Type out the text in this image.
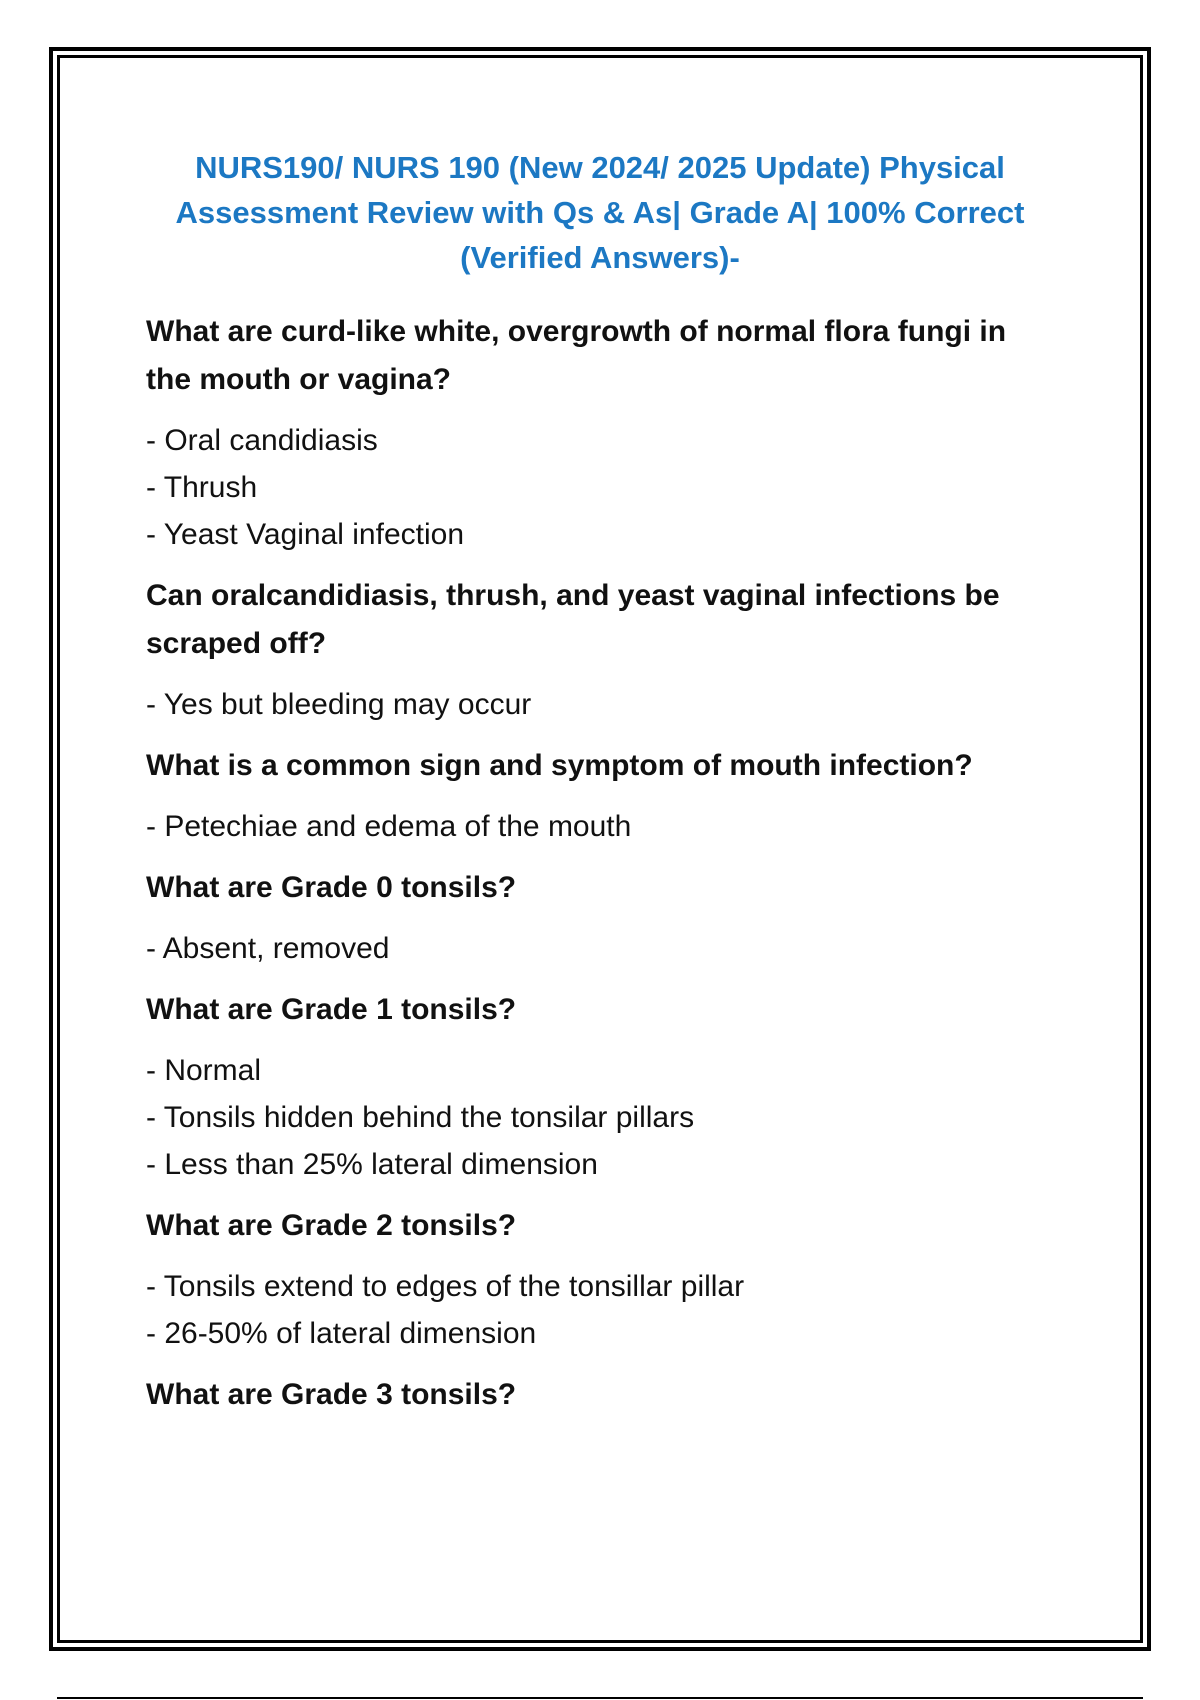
NURS190/ NURS 190 (New 2024/ 2025 Update) Physical Assessment Review with Qs & As| Grade A| 100% Correct (Verified Answers)-

What are curd-like white, overgrowth of normal flora fungi in the mouth or vagina?

- Oral candidiasis
- Thrush
- Yeast Vaginal infection

Can oralcandidiasis, thrush, and yeast vaginal infections be scraped off?

- Yes but bleeding may occur

What is a common sign and symptom of mouth infection?

- Petechiae and edema of the mouth

What are Grade 0 tonsils?

- Absent, removed

What are Grade 1 tonsils?

- Normal
- Tonsils hidden behind the tonsilar pillars
- Less than 25% lateral dimension

What are Grade 2 tonsils?

- Tonsils extend to edges of the tonsillar pillar
- 26-50% of lateral dimension

What are Grade 3 tonsils?
